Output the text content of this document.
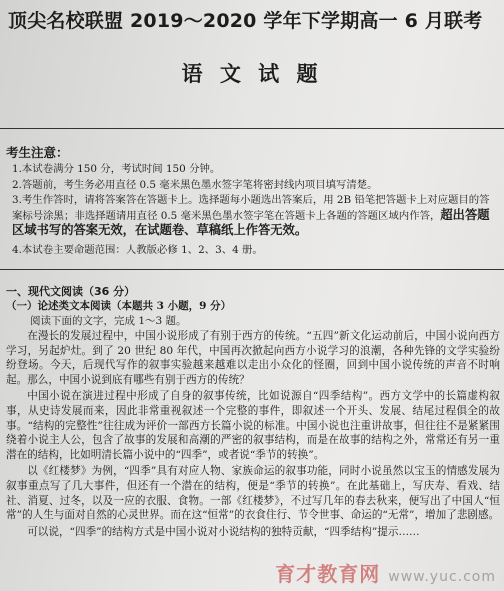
顶尖名校联盟 2019～2020 学年下学期高一 6 月联考
语 文 试 题
考生注意：
1.本试卷满分 150 分，考试时间 150 分钟。
2.答题前，考生务必用直径 0.5 毫米黑色墨水签字笔将密封线内项目填写清楚。
3.考生作答时，请将答案答在答题卡上。选择题每小题选出答案后，用 2B 铅笔把答题卡上对应题目的答案标号涂黑；非选择题请用直径 0.5 毫米黑色墨水签字笔在答题卡上各题的答题区域内作答，超出答题区域书写的答案无效，在试题卷、草稿纸上作答无效。
4.本试卷主要命题范围：人教版必修 1、2、3、4 册。
一、现代文阅读（36 分）
（一）论述类文本阅读（本题共 3 小题，9 分）
阅读下面的文字，完成 1～3 题。

在漫长的发展过程中，中国小说形成了有别于西方的传统。“五四”新文化运动前后，中国小说向西方学习，另起炉灶。到了 20 世纪 80 年代，中国再次掀起向西方小说学习的浪潮，各种先锋的文学实验纷纷登场。今天，后现代写作的叙事实验越来越难以走出小众化的怪圈，回到中国小说传统的声音不时响起。那么，中国小说到底有哪些有别于西方的传统？

中国小说在演进过程中形成了自身的叙事传统，比如说源自“四季结构”。西方文学中的长篇虚构叙事，从史诗发展而来，因此非常重视叙述一个完整的事件，即叙述一个开头、发展、结尾过程俱全的故事。“结构的完整性”往往成为评价一部西方长篇小说的标准。中国小说也注重讲故事，但往往不是紧紧围绕着小说主人公，包含了故事的发展和高潮的严密的叙事结构，而是在故事的结构之外，常常还有另一重潜在的结构，比如明清长篇小说中的“四季”，或者说“季节的转换”。

以《红楼梦》为例，“四季”具有对应人物、家族命运的叙事功能，同时小说虽然以宝玉的情感发展为叙事重点写了几大事件，但还有一个潜在的结构，便是“季节的转换”。在此基础上，写庆寿、看戏、结社、消夏、过冬，以及一应的衣服、食物。一部《红楼梦》，不过写几年的春去秋来，便写出了中国人“恒常”的人生与面对自然的心灵世界。而在这“恒常”的衣食住行、节令世事、命运的“无常”，增加了悲剧感。

可以说，“四季”的结构方式是中国小说对小说结构的独特贡献，“四季结构”提示……

育才教育网 www.yuc.com
